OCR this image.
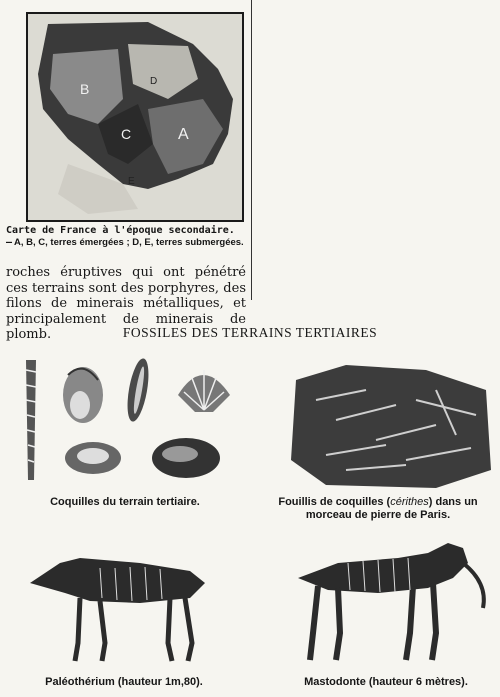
B
C	A
D
E
Carte de France à l'époque secondaire. — A, B, C, terres émergées ; D, E, terres submergées.
roches éruptives qui ont pénétré ces terrains sont des porphyres, des filons de minerais métalliques, et principalement de minerais de plomb.	FOSSILES DES TERRAINS TERTIAIRES
Coquilles du terrain tertiaire.	Fouillis de coquilles (cérithes) dans un morceau de pierre de Paris.
Paléothérium (hauteur 1m,80).	Mastodonte (hauteur 6 mètres).
